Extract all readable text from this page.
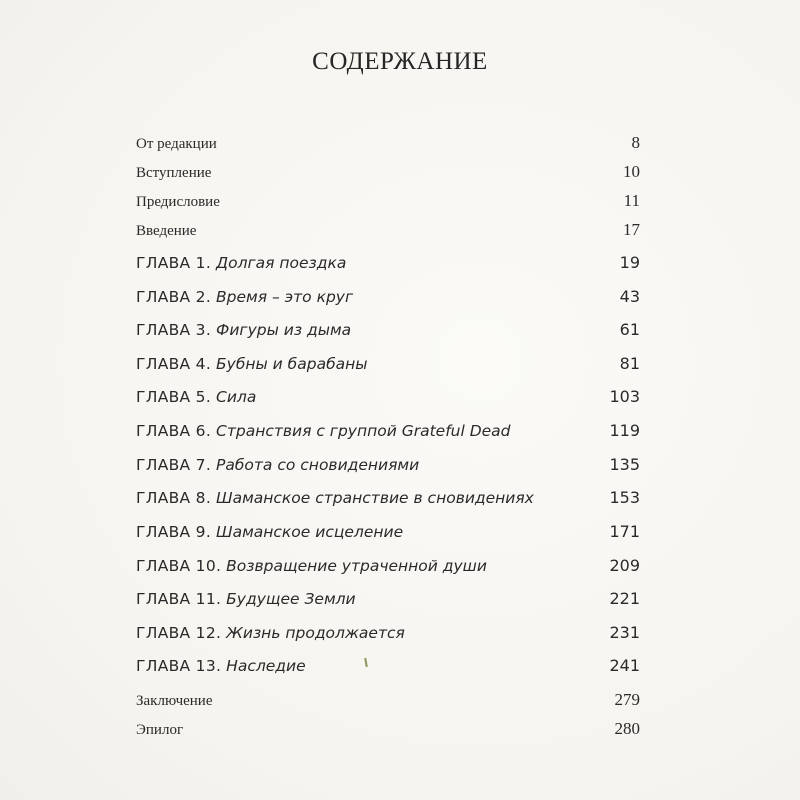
СОДЕРЖАНИЕ
От редакции	8
Вступление	10
Предисловие	11
Введение	17
ГЛАВА 1. Долгая поездка	19
ГЛАВА 2. Время – это круг	43
ГЛАВА 3. Фигуры из дыма	61
ГЛАВА 4. Бубны и барабаны	81
ГЛАВА 5. Сила	103
ГЛАВА 6. Странствия с группой Grateful Dead	119
ГЛАВА 7. Работа со сновидениями	135
ГЛАВА 8. Шаманское странствие в сновидениях	153
ГЛАВА 9. Шаманское исцеление	171
ГЛАВА 10. Возвращение утраченной души	209
ГЛАВА 11. Будущее Земли	221
ГЛАВА 12. Жизнь продолжается	231
ГЛАВА 13. Наследие	241
Заключение	279
Эпилог	280
